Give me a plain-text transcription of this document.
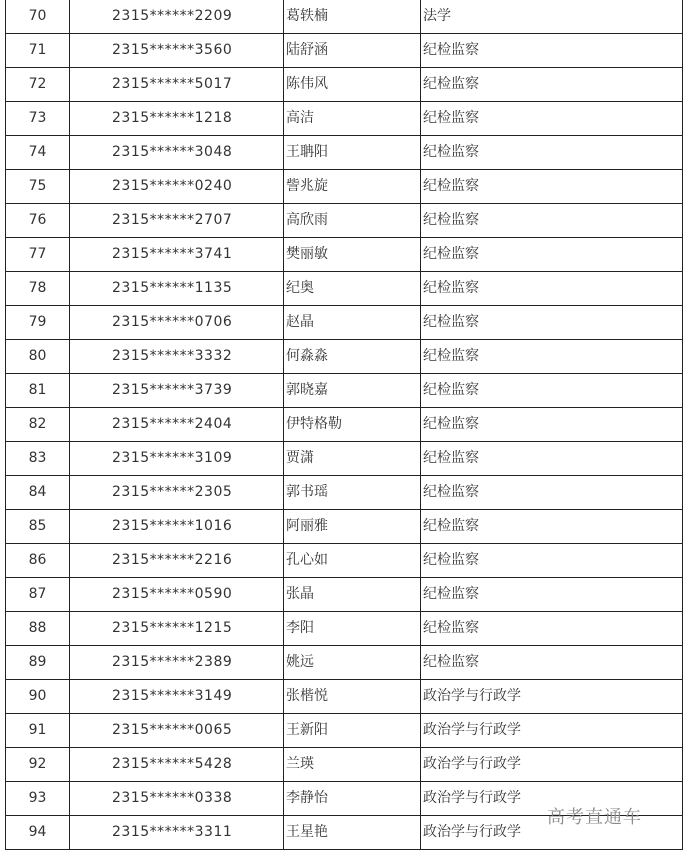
70	2315******2209	葛轶楠	法学
71	2315******3560	陆舒涵	纪检监察
72	2315******5017	陈伟风	纪检监察
73	2315******1218	高洁	纪检监察
74	2315******3048	王聃阳	纪检监察
75	2315******0240	訾兆旋	纪检监察
76	2315******2707	高欣雨	纪检监察
77	2315******3741	樊丽敏	纪检监察
78	2315******1135	纪奥	纪检监察
79	2315******0706	赵晶	纪检监察
80	2315******3332	何淼淼	纪检监察
81	2315******3739	郭晓嘉	纪检监察
82	2315******2404	伊特格勒	纪检监察
83	2315******3109	贾潇	纪检监察
84	2315******2305	郭书瑶	纪检监察
85	2315******1016	阿丽雅	纪检监察
86	2315******2216	孔心如	纪检监察
87	2315******0590	张晶	纪检监察
88	2315******1215	李阳	纪检监察
89	2315******2389	姚远	纪检监察
90	2315******3149	张楷悦	政治学与行政学
91	2315******0065	王新阳	政治学与行政学
92	2315******5428	兰瑛	政治学与行政学
93	2315******0338	李静怡	政治学与行政学
94	2315******3311	王星艳	政治学与行政学
高考直通车
